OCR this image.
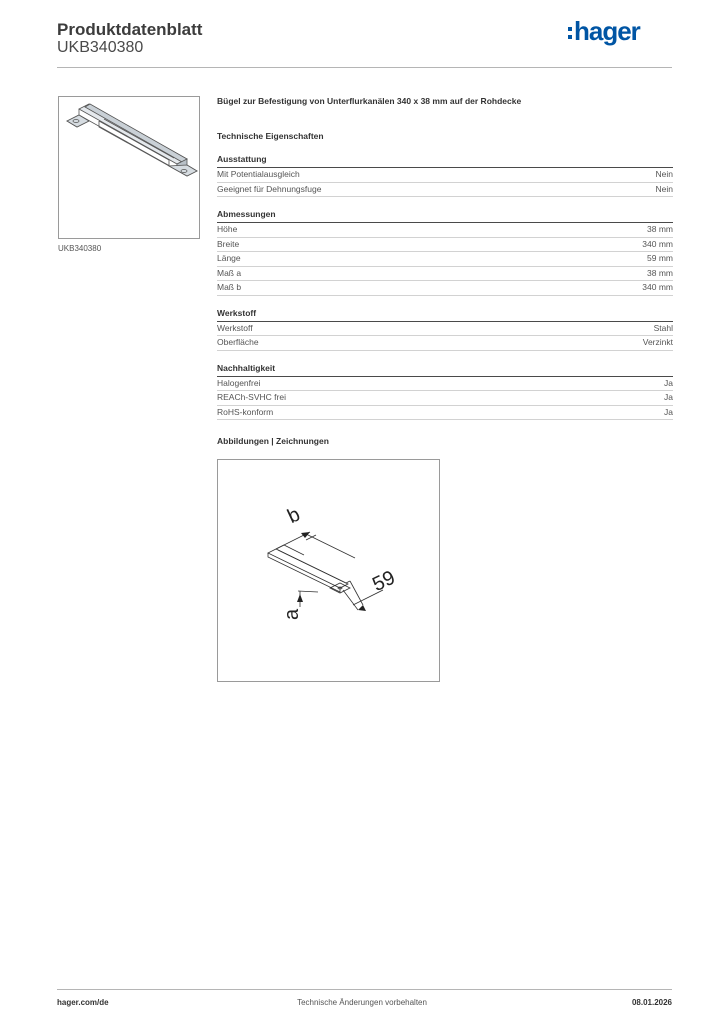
Produktdatenblatt
UKB340380
hager
UKB340380
Bügel zur Befestigung von Unterflurkanälen 340 x 38 mm auf der Rohdecke
Technische Eigenschaften
Ausstattung
Mit Potentialausgleich	Nein
Geeignet für Dehnungsfuge	Nein
Abmessungen
Höhe	38 mm
Breite	340 mm
Länge	59 mm
Maß a	38 mm
Maß b	340 mm
Werkstoff
Werkstoff	Stahl
Oberfläche	Verzinkt
Nachhaltigkeit
Halogenfrei	Ja
REACh-SVHC frei	Ja
RoHS-konform	Ja
Abbildungen | Zeichnungen
b
59
a
hager.com/de	Technische Änderungen vorbehalten	08.01.2026
